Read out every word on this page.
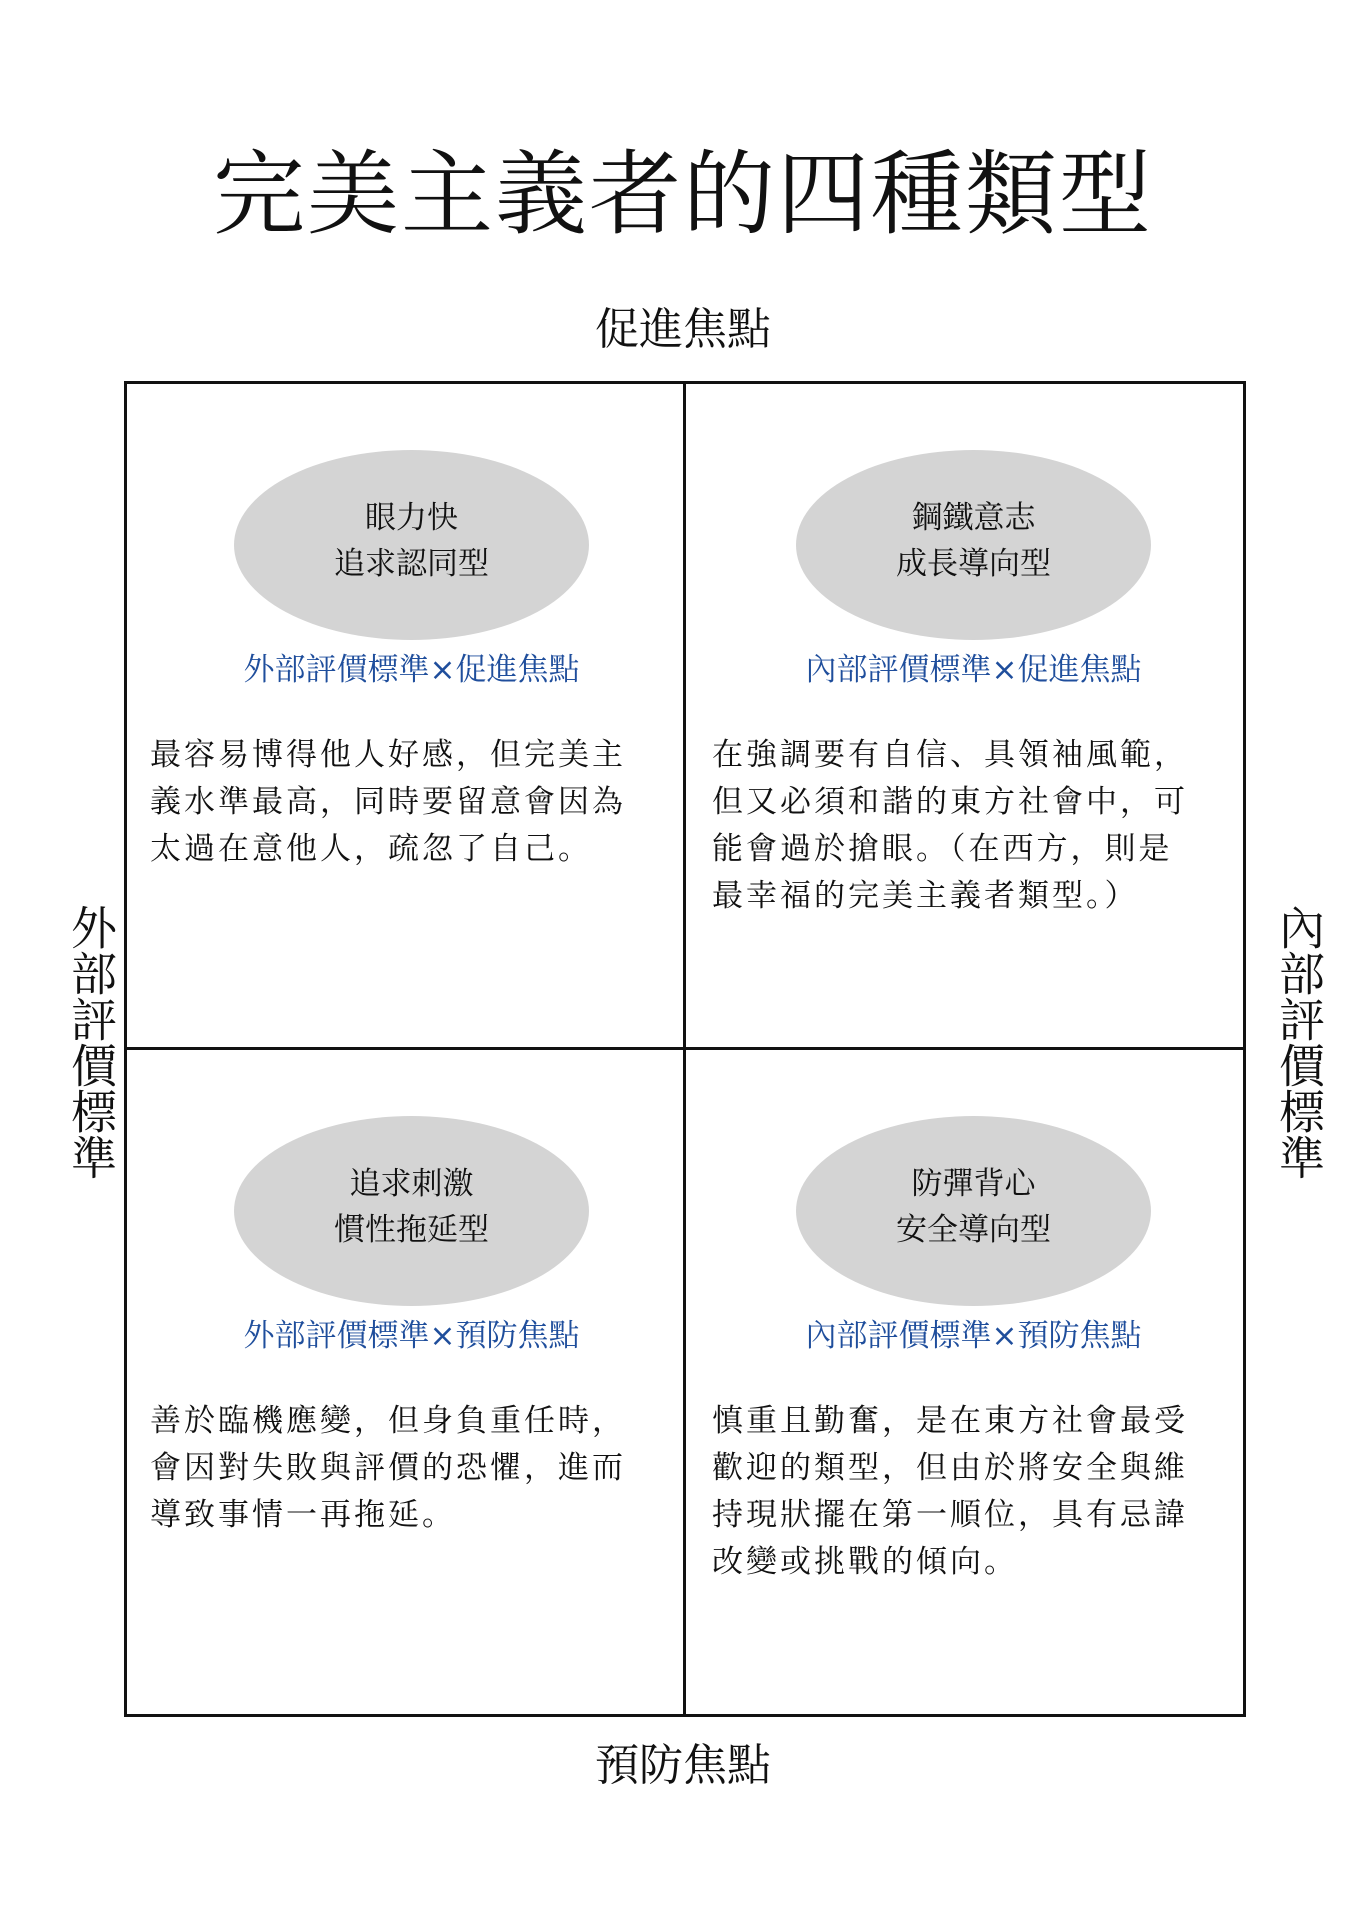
完美主義者的四種類型
促進焦點
預防焦點
外部評價標準	內部評價標準
眼力快
追求認同型
外部評價標準×促進焦點
最容易博得他人好感，但完美主
義水準最高，同時要留意會因為
太過在意他人，疏忽了自己。
鋼鐵意志
成長導向型
內部評價標準×促進焦點
在強調要有自信、具領袖風範，
但又必須和諧的東方社會中，可
能會過於搶眼。（在西方，則是
最幸福的完美主義者類型。）
追求刺激
慣性拖延型
外部評價標準×預防焦點
善於臨機應變，但身負重任時，
會因對失敗與評價的恐懼，進而
導致事情一再拖延。
防彈背心
安全導向型
內部評價標準×預防焦點
慎重且勤奮，是在東方社會最受
歡迎的類型，但由於將安全與維
持現狀擺在第一順位，具有忌諱
改變或挑戰的傾向。
